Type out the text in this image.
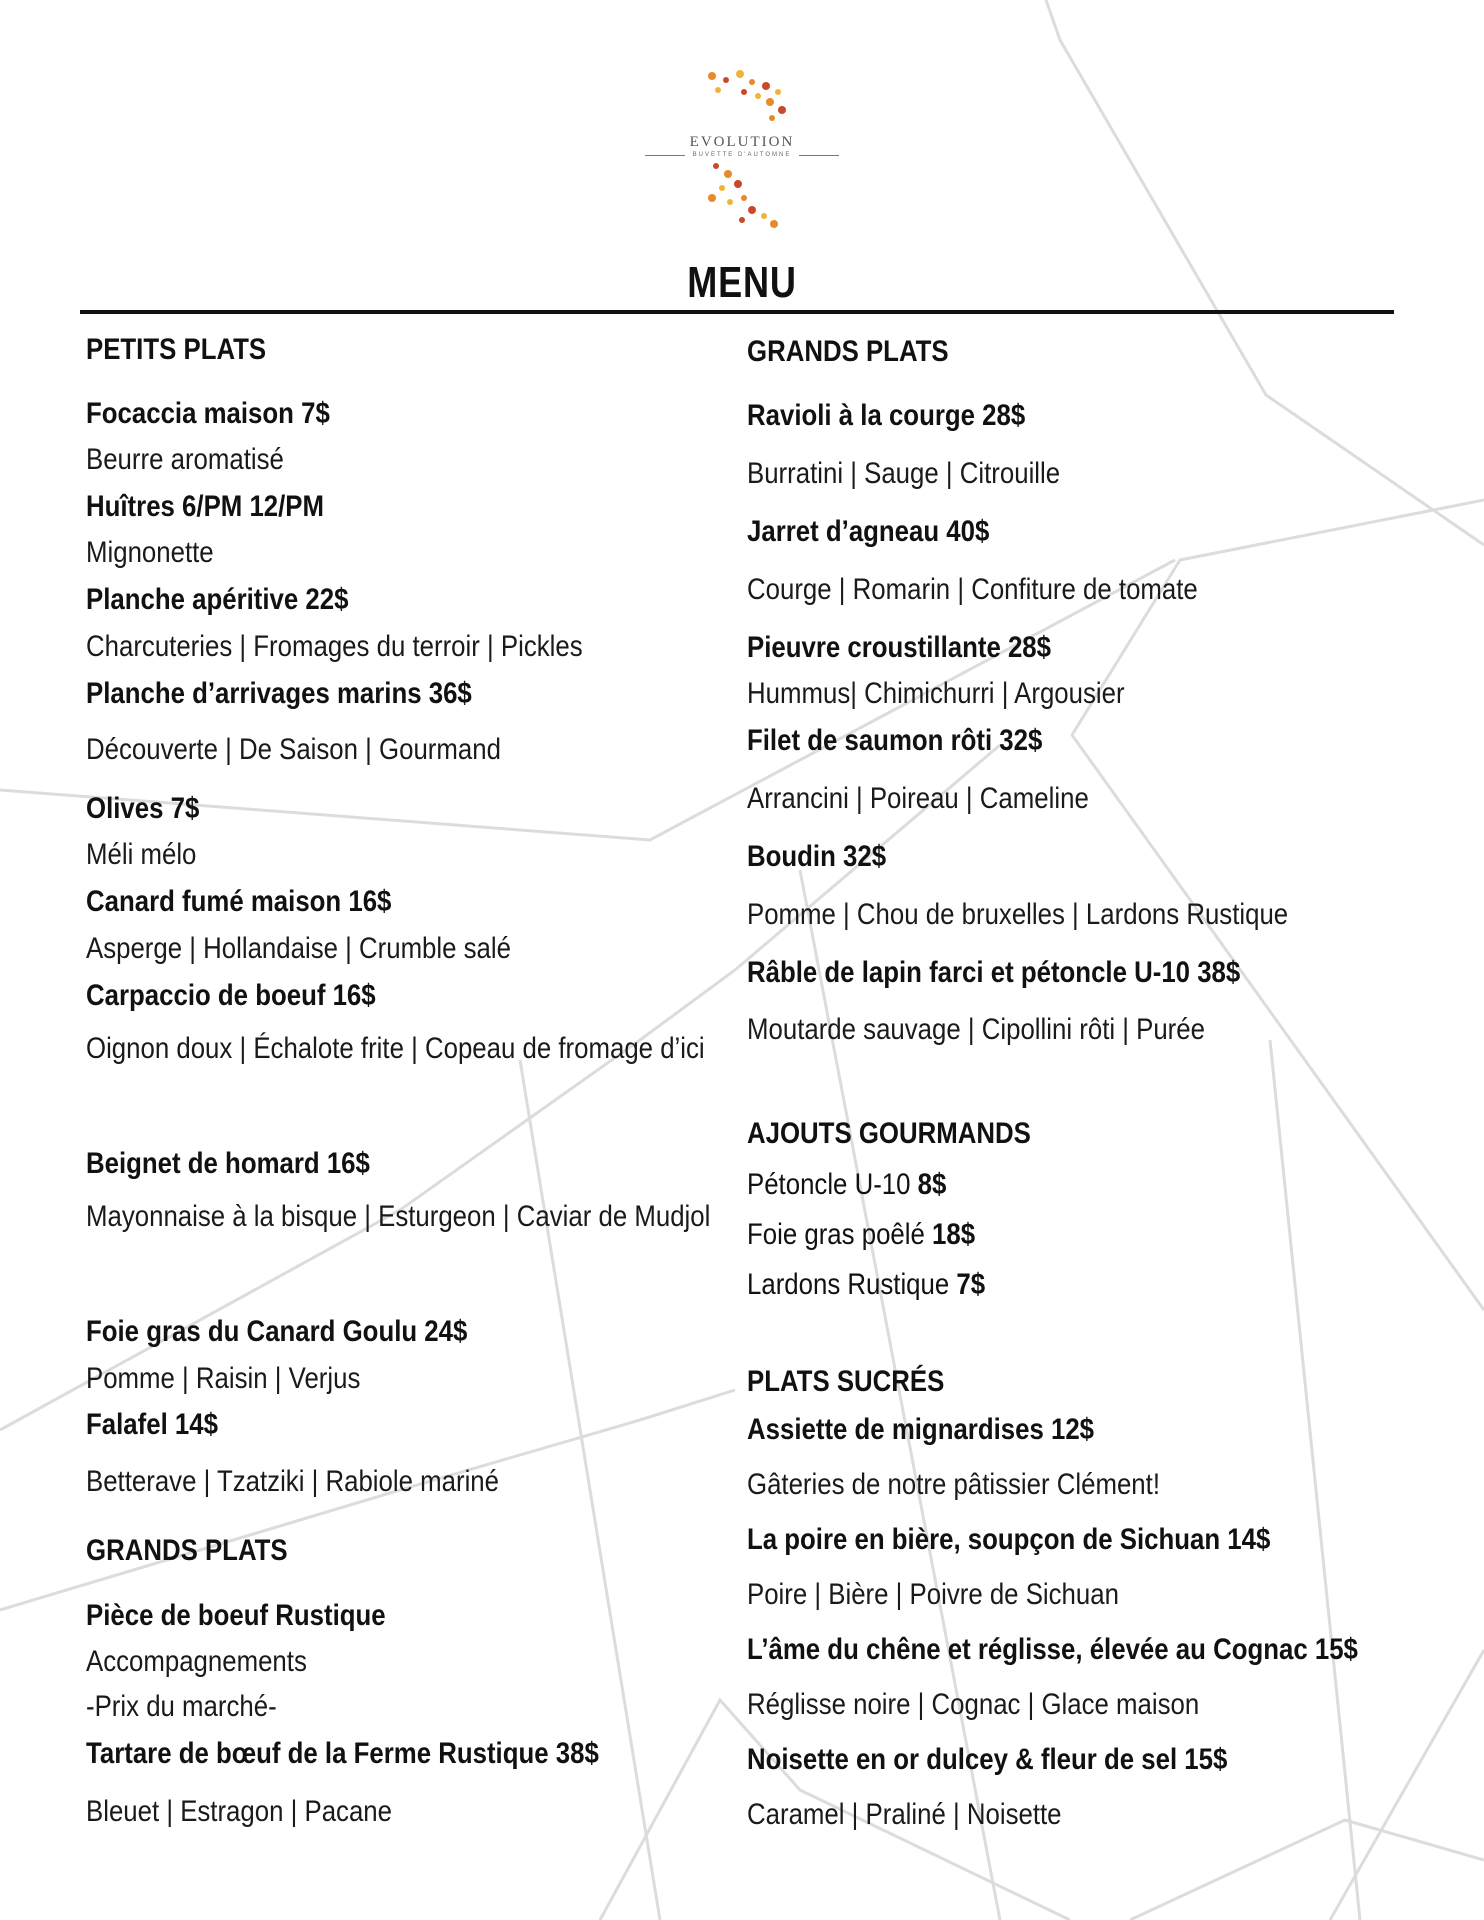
EVOLUTION
BUVETTE D'AUTOMNE
MENU
PETITS PLATS
Focaccia maison 7$
Beurre aromatisé
Huîtres 6/PM 12/PM
Mignonette
Planche apéritive 22$
Charcuteries | Fromages du terroir | Pickles
Planche d’arrivages marins 36$
Découverte | De Saison | Gourmand
Olives 7$
Méli mélo
Canard fumé maison 16$
Asperge | Hollandaise | Crumble salé
Carpaccio de boeuf 16$
Oignon doux | Échalote frite | Copeau de fromage d’ici
Beignet de homard 16$
Mayonnaise à la bisque | Esturgeon | Caviar de Mudjol
Foie gras du Canard Goulu 24$
Pomme | Raisin | Verjus
Falafel 14$
Betterave | Tzatziki | Rabiole mariné
GRANDS PLATS
Pièce de boeuf Rustique
Accompagnements
-Prix du marché-
Tartare de bœuf de la Ferme Rustique 38$
Bleuet | Estragon | Pacane
GRANDS PLATS
Ravioli à la courge 28$
Burratini | Sauge | Citrouille
Jarret d’agneau 40$
Courge | Romarin | Confiture de tomate
Pieuvre croustillante 28$
Hummus| Chimichurri | Argousier
Filet de saumon rôti 32$
Arrancini | Poireau | Cameline
Boudin 32$
Pomme | Chou de bruxelles | Lardons Rustique
Râble de lapin farci et pétoncle U-10 38$
Moutarde sauvage | Cipollini rôti | Purée
AJOUTS GOURMANDS
Pétoncle U-10 8$
Foie gras poêlé 18$
Lardons Rustique 7$
PLATS SUCRÉS
Assiette de mignardises 12$
Gâteries de notre pâtissier Clément!
La poire en bière, soupçon de Sichuan 14$
Poire | Bière | Poivre de Sichuan
L’âme du chêne et réglisse, élevée au Cognac 15$
Réglisse noire | Cognac | Glace maison
Noisette en or dulcey & fleur de sel 15$
Caramel | Praliné | Noisette
